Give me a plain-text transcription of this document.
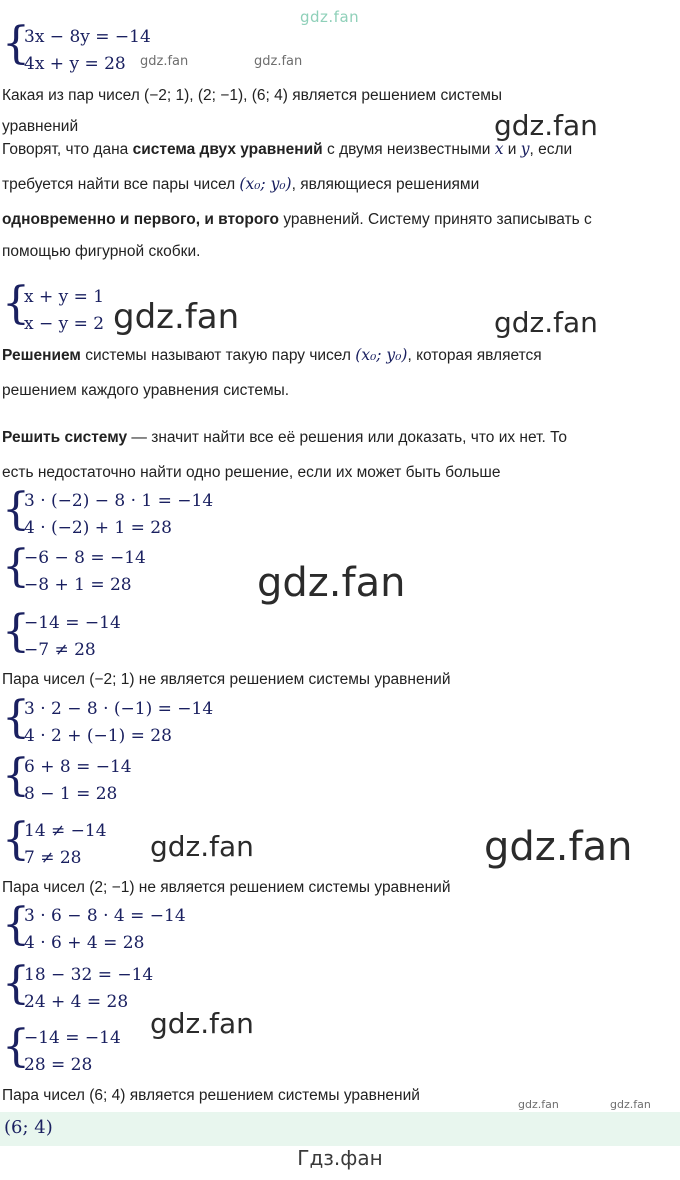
gdz.fan
{
3x − 8y = −14
4x + y = 28	gdz.fan	gdz.fan
Какая из пар чисел (−2; 1), (2; −1), (6; 4) является решением системы
уравнений	gdz.fan
Говорят, что дана система двух уравнений с двумя неизвестными x и y, если
требуется найти все пары чисел (x₀; y₀), являющиеся решениями
одновременно и первого, и второго уравнений. Систему принято записывать с
помощью фигурной скобки.
{
x + y = 1
x − y = 2 gdz.fan	gdz.fan
Решением системы называют такую пару чисел (x₀; y₀), которая является
решением каждого уравнения системы.
Решить систему — значит найти все её решения или доказать, что их нет. То
есть недостаточно найти одно решение, если их может быть больше
{
3 · (−2) − 8 · 1 = −14
4 · (−2) + 1 = 28
{
−6 − 8 = −14
−8 + 1 = 28	gdz.fan
{
−14 = −14
−7 ≠ 28
Пара чисел (−2; 1) не является решением системы уравнений
{
3 · 2 − 8 · (−1) = −14
4 · 2 + (−1) = 28
{
6 + 8 = −14
8 − 1 = 28
{
14 ≠ −14
7 ≠ 28	gdz.fan	gdz.fan
Пара чисел (2; −1) не является решением системы уравнений
{
3 · 6 − 8 · 4 = −14
4 · 6 + 4 = 28
{
18 − 32 = −14
24 + 4 = 28
{
−14 = −14
28 = 28
gdz.fan
Пара чисел (6; 4) является решением системы уравнений
gdz.fan	gdz.fan
(6; 4)
Гдз.фан
